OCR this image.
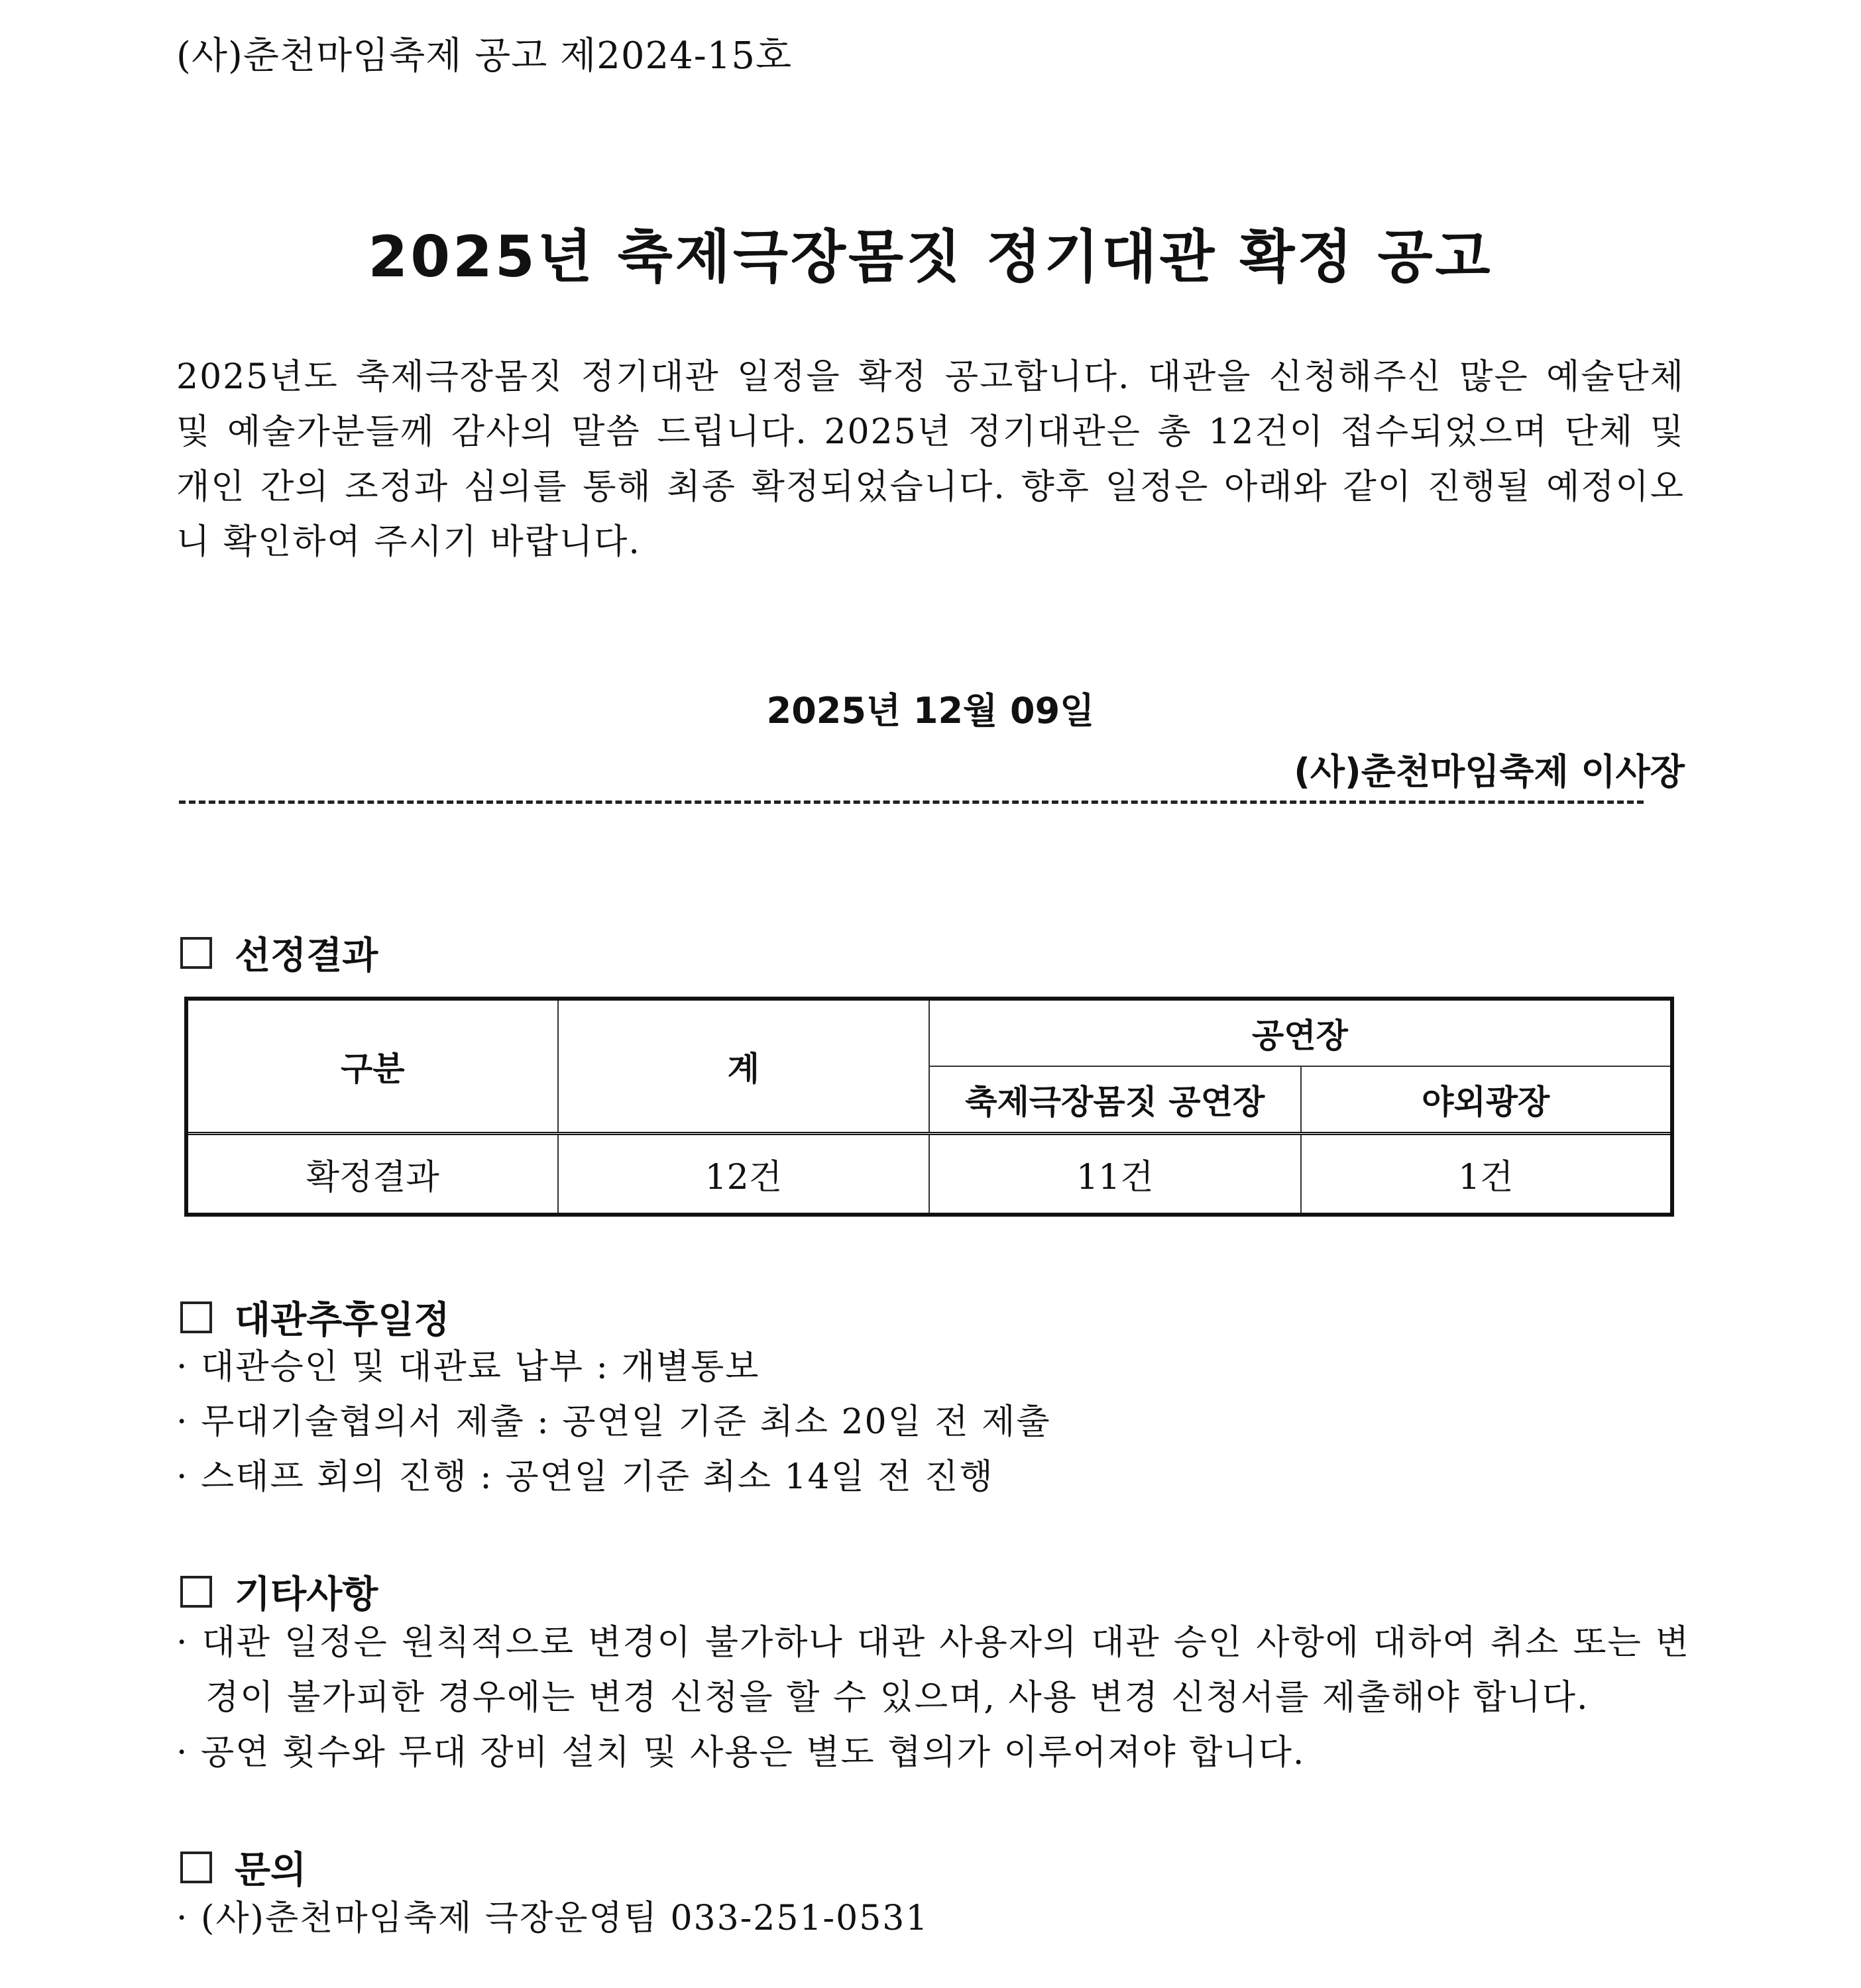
(사)춘천마임축제 공고 제2024-15호
2025년 축제극장몸짓 정기대관 확정 공고

2025년도 축제극장몸짓 정기대관 일정을 확정 공고합니다. 대관을 신청해주신 많은 예술단체 및 예술가분들께 감사의 말씀 드립니다. 2025년 정기대관은 총 12건이 접수되었으며 단체 및 개인 간의 조정과 심의를 통해 최종 확정되었습니다. 향후 일정은 아래와 같이 진행될 예정이오니 확인하여 주시기 바랍니다.

2025년 12월 09일
(사)춘천마임축제 이사장
선정결과
구분	계	공연장	
		축제극장몸짓 공연장	야외광장
확정결과	12건	11건	1건
대관추후일정
· 대관승인 및 대관료 납부 : 개별통보
· 무대기술협의서 제출 : 공연일 기준 최소 20일 전 제출
· 스태프 회의 진행 : 공연일 기준 최소 14일 전 진행
기타사항
· 대관 일정은 원칙적으로 변경이 불가하나 대관 사용자의 대관 승인 사항에 대하여 취소 또는 변경이 불가피한 경우에는 변경 신청을 할 수 있으며, 사용 변경 신청서를 제출해야 합니다.
· 공연 횟수와 무대 장비 설치 및 사용은 별도 협의가 이루어져야 합니다.
문의
· (사)춘천마임축제 극장운영팀 033-251-0531
